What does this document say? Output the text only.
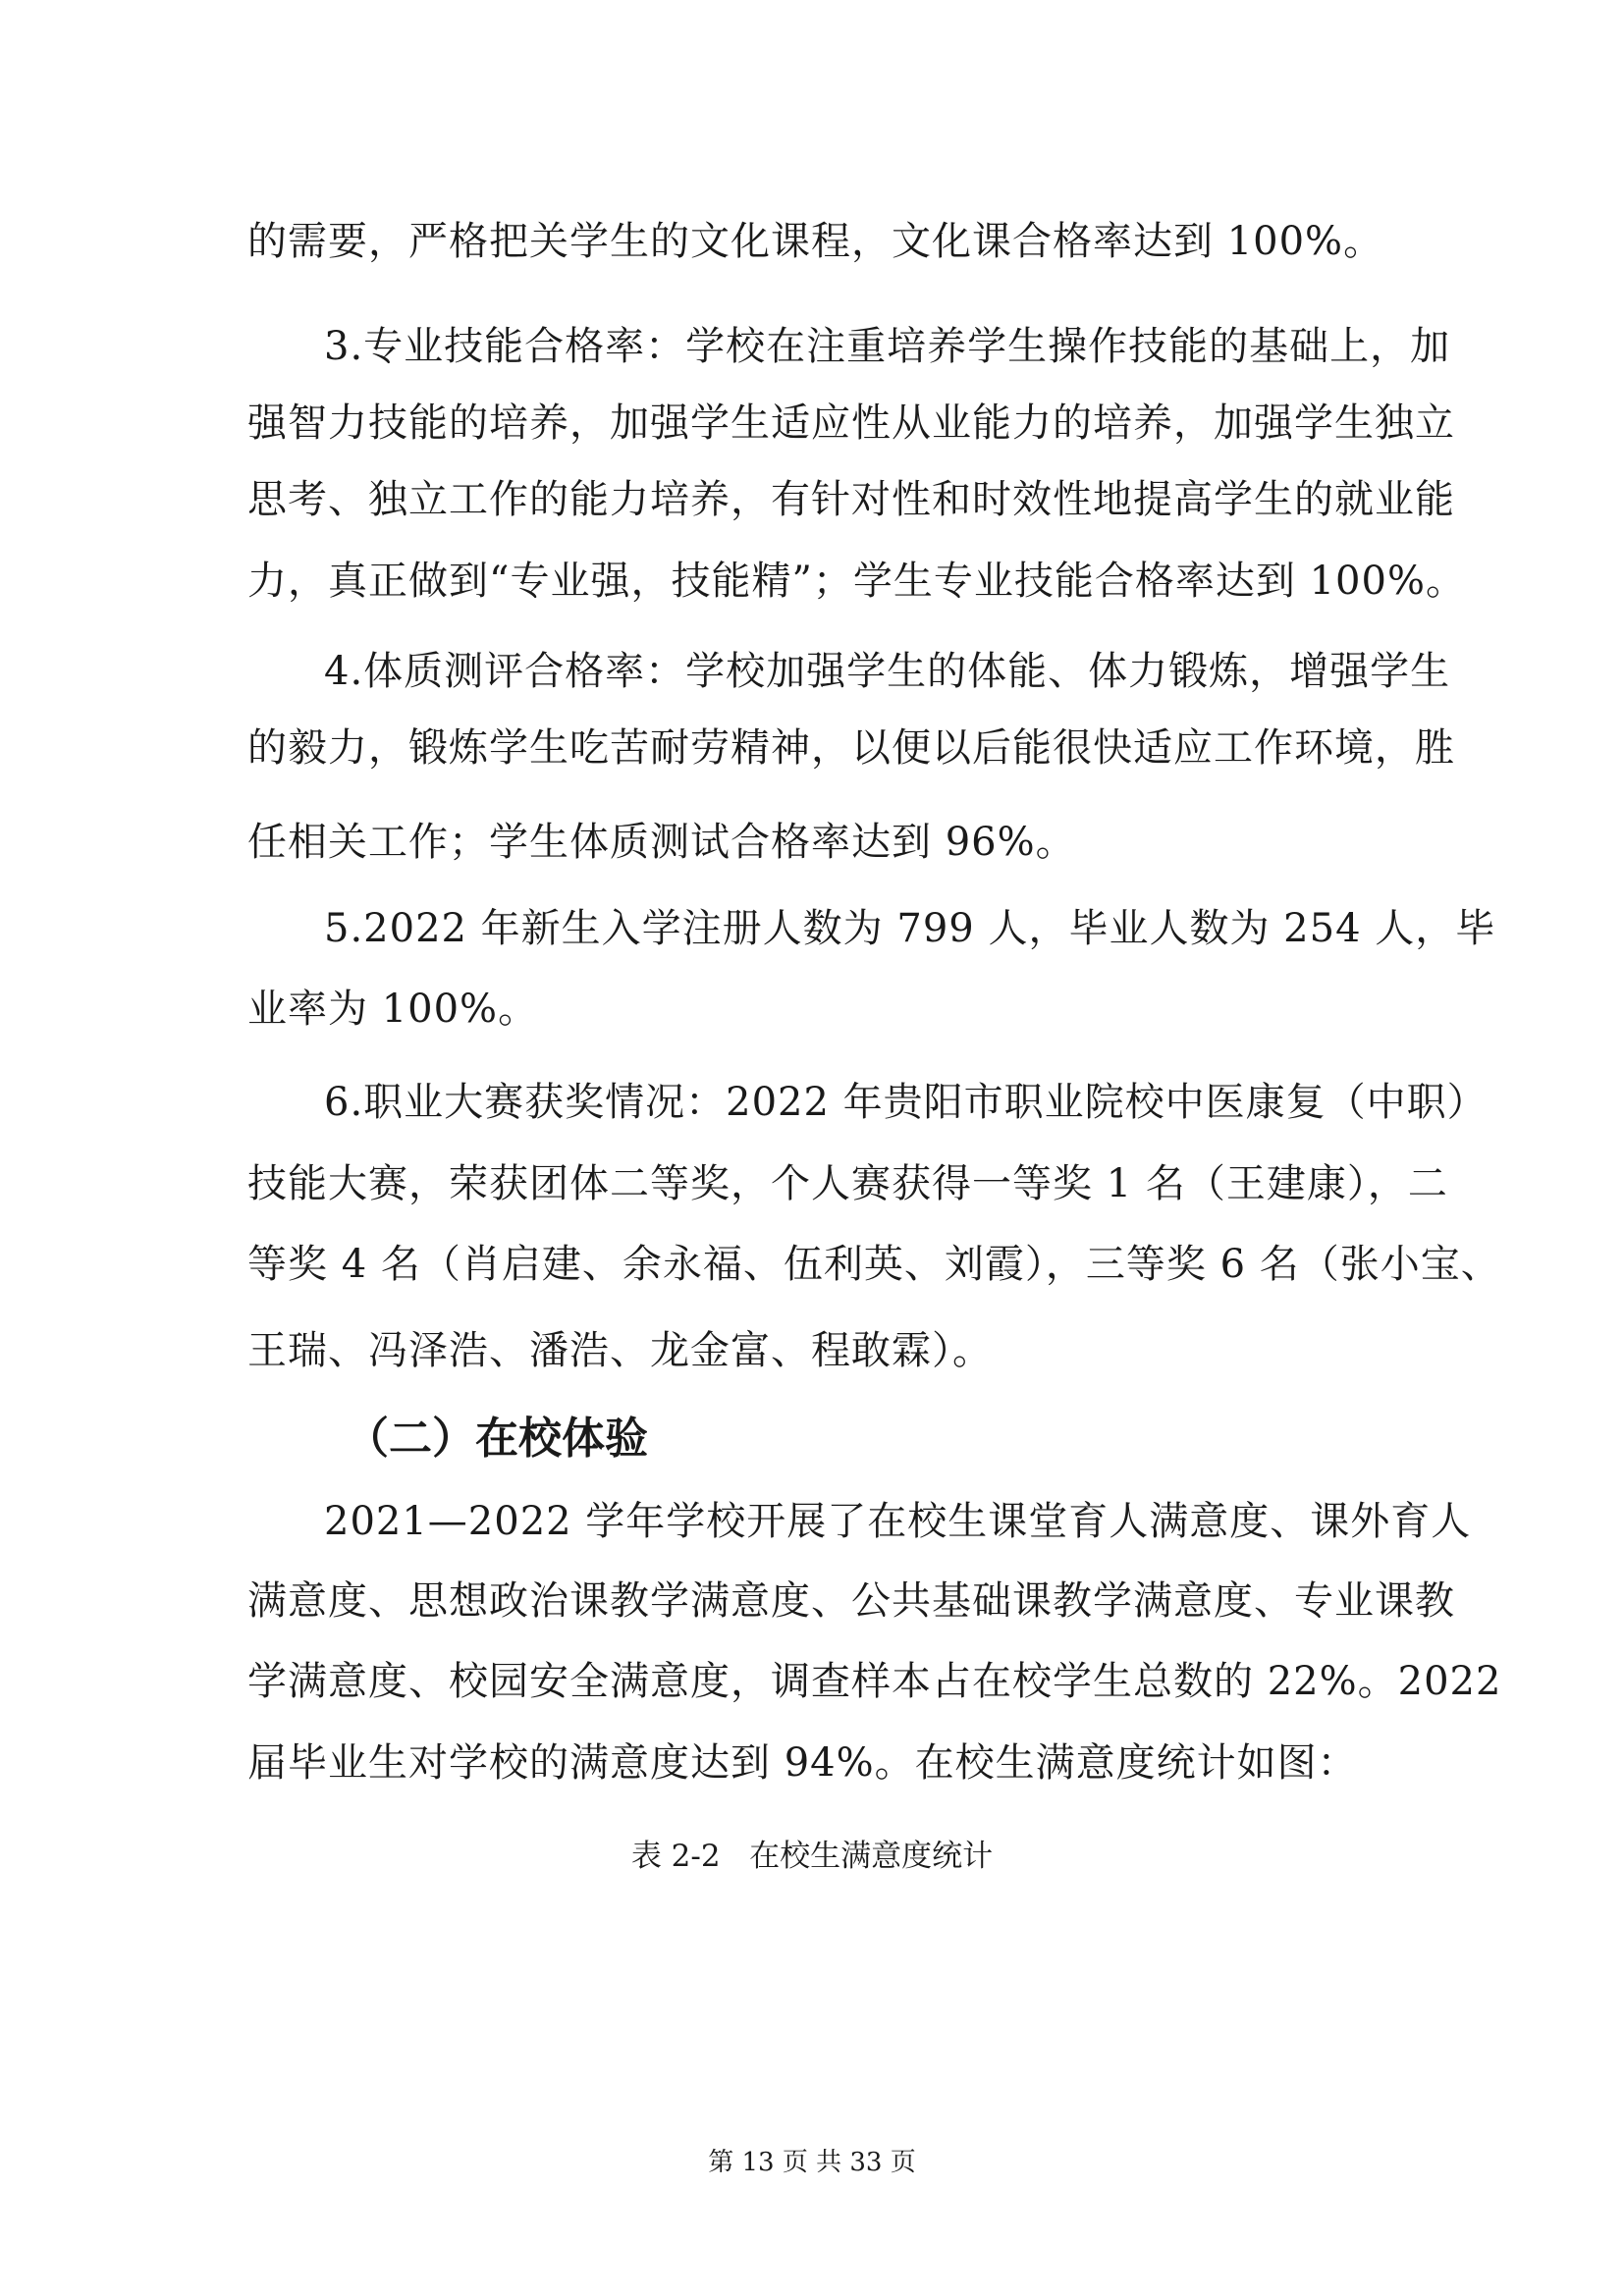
的需要，严格把关学生的文化课程，文化课合格率达到 100%。
3.专业技能合格率：学校在注重培养学生操作技能的基础上，加
强智力技能的培养，加强学生适应性从业能力的培养，加强学生独立
思考、独立工作的能力培养，有针对性和时效性地提高学生的就业能
力，真正做到“专业强，技能精”；学生专业技能合格率达到 100%。
4.体质测评合格率：学校加强学生的体能、体力锻炼，增强学生
的毅力，锻炼学生吃苦耐劳精神，以便以后能很快适应工作环境，胜
任相关工作；学生体质测试合格率达到 96%。
5.2022 年新生入学注册人数为 799 人，毕业人数为 254 人，毕
业率为 100%。
6.职业大赛获奖情况：2022 年贵阳市职业院校中医康复（中职）
技能大赛，荣获团体二等奖，个人赛获得一等奖 1 名（王建康），二
等奖 4 名（肖启建、余永福、伍利英、刘霞），三等奖 6 名（张小宝、
王瑞、冯泽浩、潘浩、龙金富、程敢霖）。
（二）在校体验
2021—2022 学年学校开展了在校生课堂育人满意度、课外育人
满意度、思想政治课教学满意度、公共基础课教学满意度、专业课教
学满意度、校园安全满意度，调查样本占在校学生总数的 22%。2022
届毕业生对学校的满意度达到 94%。在校生满意度统计如图：
表 2-2   在校生满意度统计
第 13 页 共 33 页
